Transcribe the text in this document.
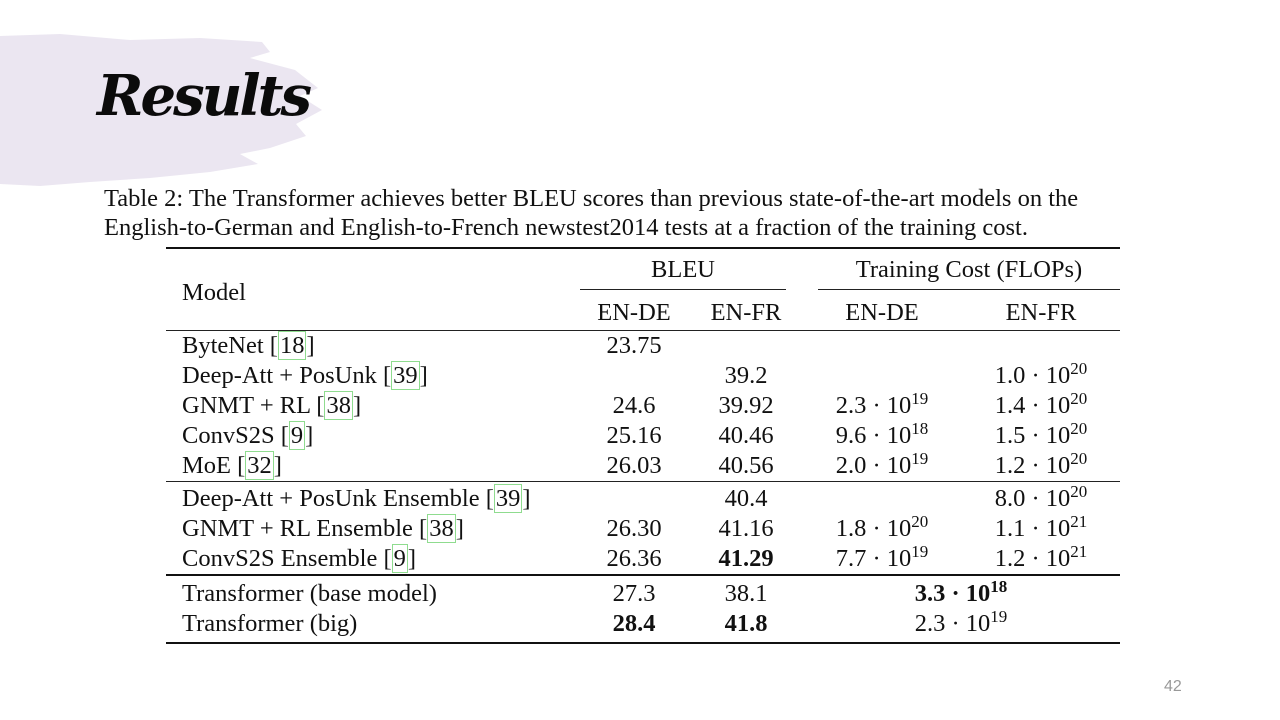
Results
Table 2: The Transformer achieves better BLEU scores than previous state-of-the-art models on the
English-to-German and English-to-French newstest2014 tests at a fraction of the training cost.
Model	BLEU		Training Cost (FLOPs)	

	EN-DE	EN-FR	EN-DE	EN-FR
ByteNet [18]	23.75			
Deep-Att + PosUnk [39]		39.2		$1.0 \cdot 10^{20}$
GNMT + RL [38]	24.6	39.92	$2.3 \cdot 10^{19}$	$1.4 \cdot 10^{20}$
ConvS2S [9]	25.16	40.46	$9.6 \cdot 10^{18}$	$1.5 \cdot 10^{20}$
MoE [32]	26.03	40.56	$2.0 \cdot 10^{19}$	$1.2 \cdot 10^{20}$
Deep-Att + PosUnk Ensemble [39]		40.4		$8.0 \cdot 10^{20}$
GNMT + RL Ensemble [38]	26.30	41.16	$1.8 \cdot 10^{20}$	$1.1 \cdot 10^{21}$
ConvS2S Ensemble [9]	26.36	41.29	$7.7 \cdot 10^{19}$	$1.2 \cdot 10^{21}$
Transformer (base model)	27.3	38.1	$3.3 \cdot 10^{18}$
Transformer (big)	28.4	41.8	$2.3 \cdot 10^{19}$
42
